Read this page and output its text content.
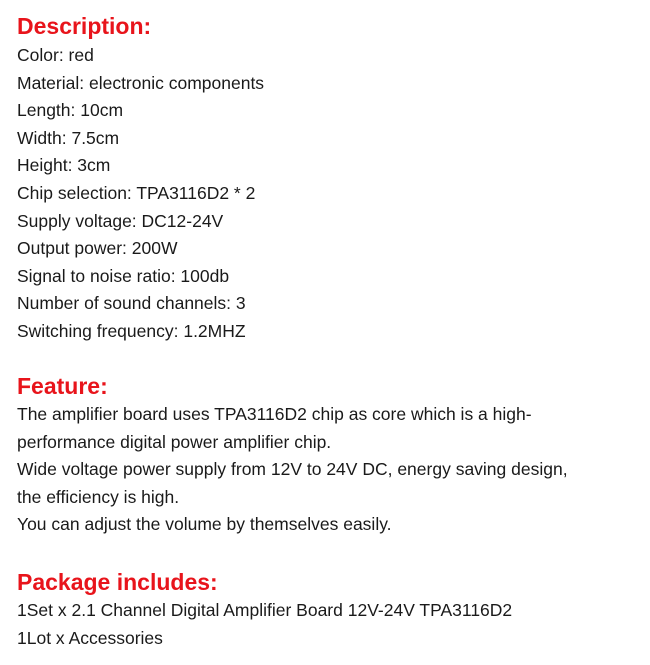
Description:

Color: red

Material: electronic components

Length: 10cm

Width: 7.5cm

Height: 3cm

Chip selection: TPA3116D2 * 2

Supply voltage: DC12-24V

Output power: 200W

Signal to noise ratio: 100db

Number of sound channels: 3

Switching frequency: 1.2MHZ

Feature:

The amplifier board uses TPA3116D2 chip as core which is a high-

performance digital power amplifier chip.

Wide voltage power supply from 12V to 24V DC, energy saving design,

the efficiency is high.

You can adjust the volume by themselves easily.

Package includes:

1Set x 2.1 Channel Digital Amplifier Board 12V-24V TPA3116D2

1Lot x Accessories
